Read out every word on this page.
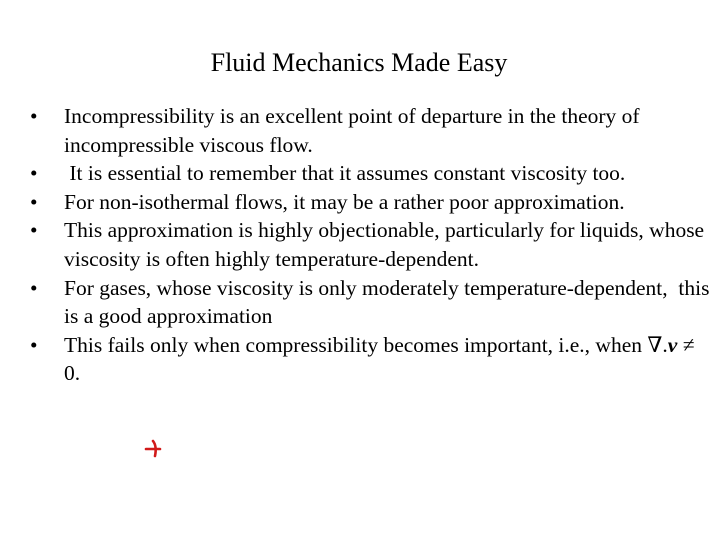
Fluid Mechanics Made Easy
•	Incompressibility is an excellent point of departure in the theory of incompressible viscous flow.
•	It is essential to remember that it assumes constant viscosity too.
•	For non-isothermal flows, it may be a rather poor approximation.
•	This approximation is highly objectionable, particularly for liquids, whose viscosity is often highly temperature-dependent.
•	For gases, whose viscosity is only moderately temperature-dependent,  this is a good approximation
•	This fails only when compressibility becomes important, i.e., when ∇.v ≠ 0.
